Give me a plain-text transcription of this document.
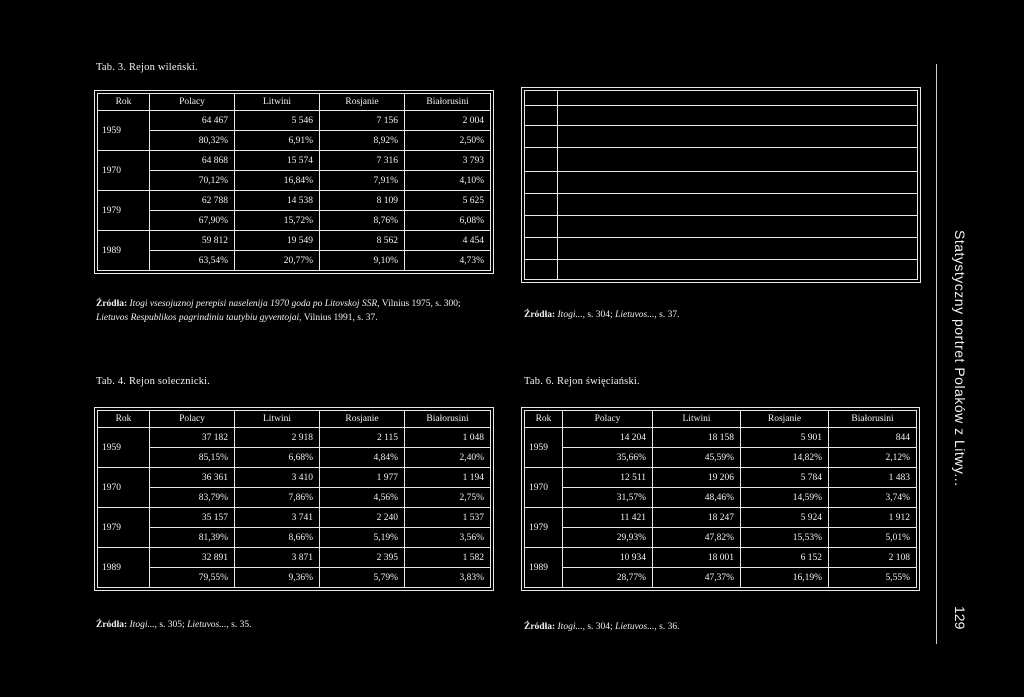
Tab. 3. Rejon wileński.
Rok	Polacy	Litwini	Rosjanie	Białorusini
1959	64 467	5 546	7 156	2 004
	80,32%	6,91%	8,92%	2,50%
1970	64 868	15 574	7 316	3 793
	70,12%	16,84%	7,91%	4,10%
1979	62 788	14 538	8 109	5 625
	67,90%	15,72%	8,76%	6,08%
1989	59 812	19 549	8 562	4 454
	63,54%	20,77%	9,10%	4,73%
Źródła: Itogi vsesojuznoj perepisi naselenija 1970 goda po Litovskoj SSR, Vilnius 1975, s. 300;
Lietuvos Respublikos pagrindiniu tautybiu gyventojai, Vilnius 1991, s. 37.	Źródła: Itogi..., s. 304; Lietuvos..., s. 37.
Tab. 4. Rejon solecznicki.
Rok	Polacy	Litwini	Rosjanie	Białorusini
1959	37 182	2 918	2 115	1 048
	85,15%	6,68%	4,84%	2,40%
1970	36 361	3 410	1 977	1 194
	83,79%	7,86%	4,56%	2,75%
1979	35 157	3 741	2 240	1 537
	81,39%	8,66%	5,19%	3,56%
1989	32 891	3 871	2 395	1 582
	79,55%	9,36%	5,79%	3,83%
Źródła: Itogi..., s. 305; Lietuvos..., s. 35.
Tab. 6. Rejon święciański.
Rok	Polacy	Litwini	Rosjanie	Białorusini
1959	14 204	18 158	5 901	844
	35,66%	45,59%	14,82%	2,12%
1970	12 511	19 206	5 784	1 483
	31,57%	48,46%	14,59%	3,74%
1979	11 421	18 247	5 924	1 912
	29,93%	47,82%	15,53%	5,01%
1989	10 934	18 001	6 152	2 108
	28,77%	47,37%	16,19%	5,55%
Źródła: Itogi..., s. 304; Lietuvos..., s. 36.
Statystyczny portret Polaków z Litwy...
129
